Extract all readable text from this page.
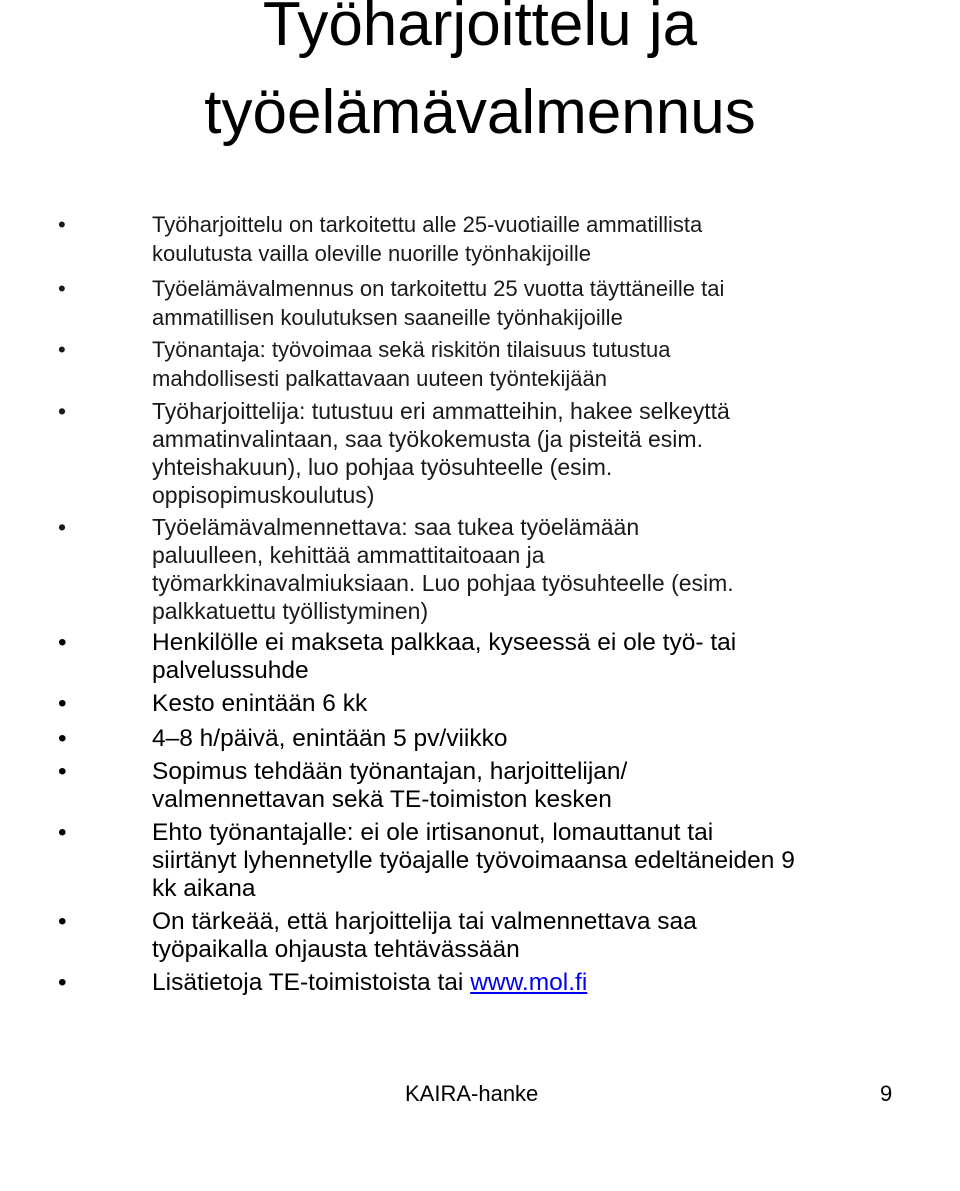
Työharjoittelu ja
työelämävalmennus
•	Työharjoittelu on tarkoitettu alle 25-vuotiaille ammatillista
koulutusta vailla oleville nuorille työnhakijoille
•	Työelämävalmennus on tarkoitettu 25 vuotta täyttäneille tai
ammatillisen koulutuksen saaneille työnhakijoille
•	Työnantaja: työvoimaa sekä riskitön tilaisuus tutustua
mahdollisesti palkattavaan uuteen työntekijään
•	Työharjoittelija: tutustuu eri ammatteihin, hakee selkeyttä
ammatinvalintaan, saa työkokemusta (ja pisteitä esim.
yhteishakuun), luo pohjaa työsuhteelle (esim.
oppisopimuskoulutus)
•	Työelämävalmennettava: saa tukea työelämään
paluulleen, kehittää ammattitaitoaan ja
työmarkkinavalmiuksiaan. Luo pohjaa työsuhteelle (esim.
palkkatuettu työllistyminen)
•	Henkilölle ei makseta palkkaa, kyseessä ei ole työ- tai
palvelussuhde
•	Kesto enintään 6 kk
•	4–8 h/päivä, enintään 5 pv/viikko
•	Sopimus tehdään työnantajan, harjoittelijan/
valmennettavan sekä TE-toimiston kesken
•	Ehto työnantajalle: ei ole irtisanonut, lomauttanut tai
siirtänyt lyhennetylle työajalle työvoimaansa edeltäneiden 9
kk aikana
•	On tärkeää, että harjoittelija tai valmennettava saa
työpaikalla ohjausta tehtävässään
•	Lisätietoja TE-toimistoista tai www.mol.fi
KAIRA-hanke	9
